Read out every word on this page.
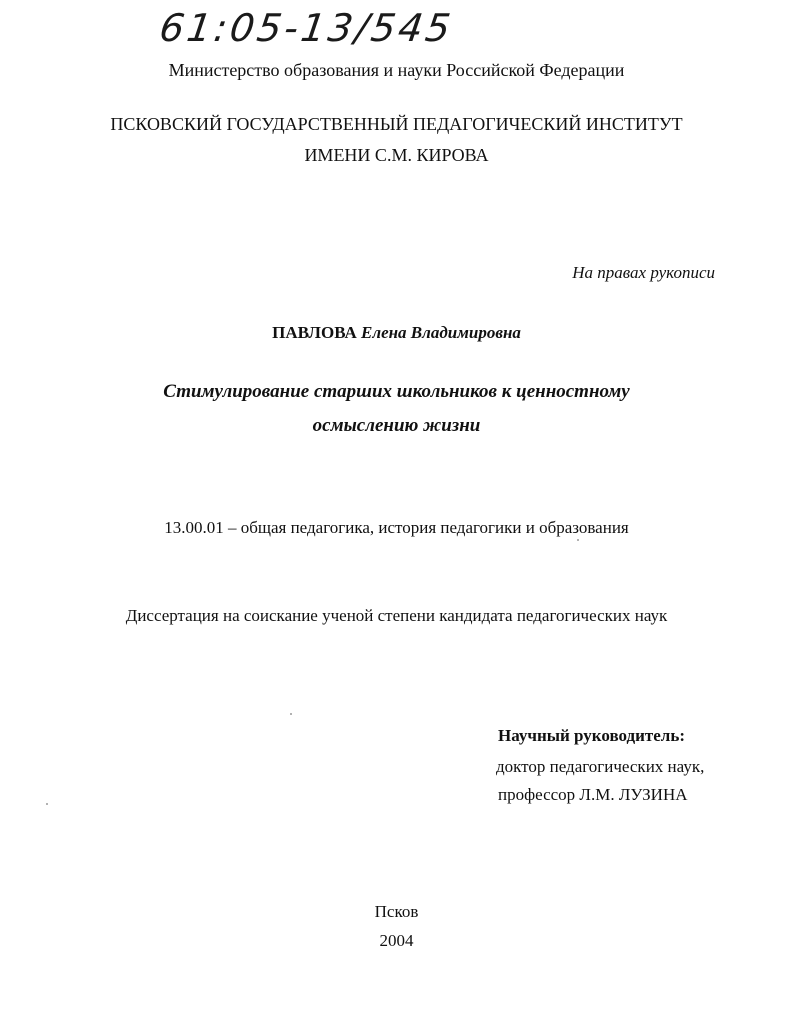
61:05-13/545
Министерство образования и науки Российской Федерации
ПСКОВСКИЙ ГОСУДАРСТВЕННЫЙ ПЕДАГОГИЧЕСКИЙ ИНСТИТУТ
ИМЕНИ С.М. КИРОВА
На правах рукописи
ПАВЛОВА Елена Владимировна
Стимулирование старших школьников к ценностному
осмыслению жизни
13.00.01 – общая педагогика, история педагогики и образования
Диссертация на соискание ученой степени кандидата педагогических наук
Научный руководитель:
доктор педагогических наук,
профессор Л.М. ЛУЗИНА
Псков
2004
